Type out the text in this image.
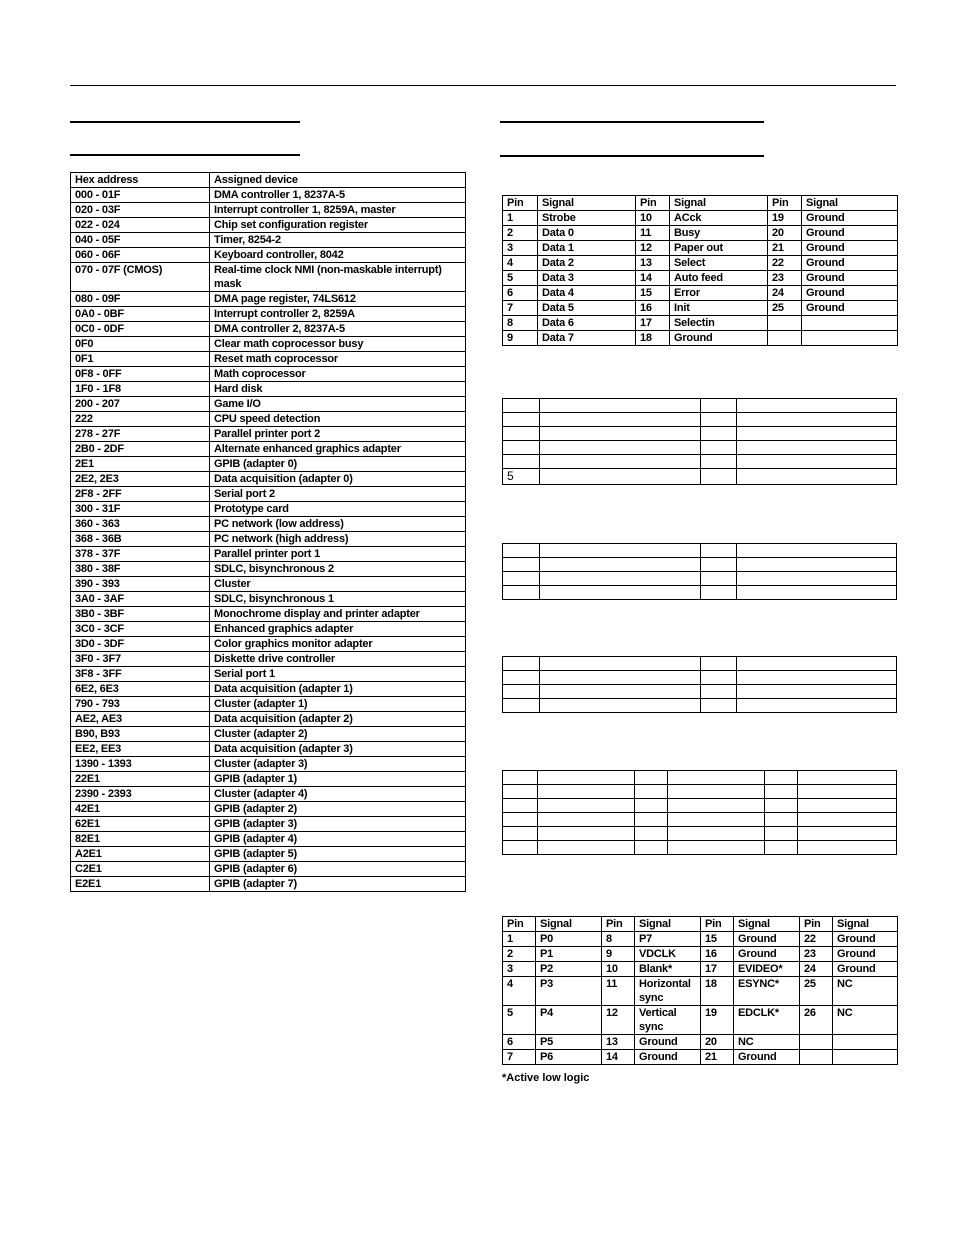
Hex address	Assigned device
000 - 01F	DMA controller 1, 8237A-5
020 - 03F	Interrupt controller 1, 8259A, master
022 - 024	Chip set configuration register
040 - 05F	Timer, 8254-2
060 - 06F	Keyboard controller, 8042
070 - 07F (CMOS)	Real-time clock NMI (non-maskable interrupt) mask
080 - 09F	DMA page register, 74LS612
0A0 - 0BF	Interrupt controller 2, 8259A
0C0 - 0DF	DMA controller 2, 8237A-5
0F0	Clear math coprocessor busy
0F1	Reset math coprocessor
0F8 - 0FF	Math coprocessor
1F0 - 1F8	Hard disk
200 - 207	Game I/O
222	CPU speed detection
278 - 27F	Parallel printer port 2
2B0 - 2DF	Alternate enhanced graphics adapter
2E1	GPIB (adapter 0)
2E2, 2E3	Data acquisition (adapter 0)
2F8 - 2FF	Serial port 2
300 - 31F	Prototype card
360 - 363	PC network (low address)
368 - 36B	PC network (high address)
378 - 37F	Parallel printer port 1
380 - 38F	SDLC, bisynchronous 2
390 - 393	Cluster
3A0 - 3AF	SDLC, bisynchronous 1
3B0 - 3BF	Monochrome display and printer adapter
3C0 - 3CF	Enhanced graphics adapter
3D0 - 3DF	Color graphics monitor adapter
3F0 - 3F7	Diskette drive controller
3F8 - 3FF	Serial port 1
6E2, 6E3	Data acquisition (adapter 1)
790 - 793	Cluster (adapter 1)
AE2, AE3	Data acquisition (adapter 2)
B90, B93	Cluster (adapter 2)
EE2, EE3	Data acquisition (adapter 3)
1390 - 1393	Cluster (adapter 3)
22E1	GPIB (adapter 1)
2390 - 2393	Cluster (adapter 4)
42E1	GPIB (adapter 2)
62E1	GPIB (adapter 3)
82E1	GPIB (adapter 4)
A2E1	GPIB (adapter 5)
C2E1	GPIB (adapter 6)
E2E1	GPIB (adapter 7)
Pin	Signal	Pin	Signal	Pin	Signal
1	Strobe	10	ACck	19	Ground
2	Data 0	11	Busy	20	Ground
3	Data 1	12	Paper out	21	Ground
4	Data 2	13	Select	22	Ground
5	Data 3	14	Auto feed	23	Ground
6	Data 4	15	Error	24	Ground
7	Data 5	16	Init	25	Ground
8	Data 6	17	Selectin		
9	Data 7	18	Ground		

5			

Pin	Signal	Pin	Signal	Pin	Signal	Pin	Signal
1	P0	8	P7	15	Ground	22	Ground
2	P1	9	VDCLK	16	Ground	23	Ground
3	P2	10	Blank*	17	EVIDEO*	24	Ground
4	P3	11	Horizontal sync	18	ESYNC*	25	NC
5	P4	12	Vertical sync	19	EDCLK*	26	NC
6	P5	13	Ground	20	NC		
7	P6	14	Ground	21	Ground		
*Active low logic
